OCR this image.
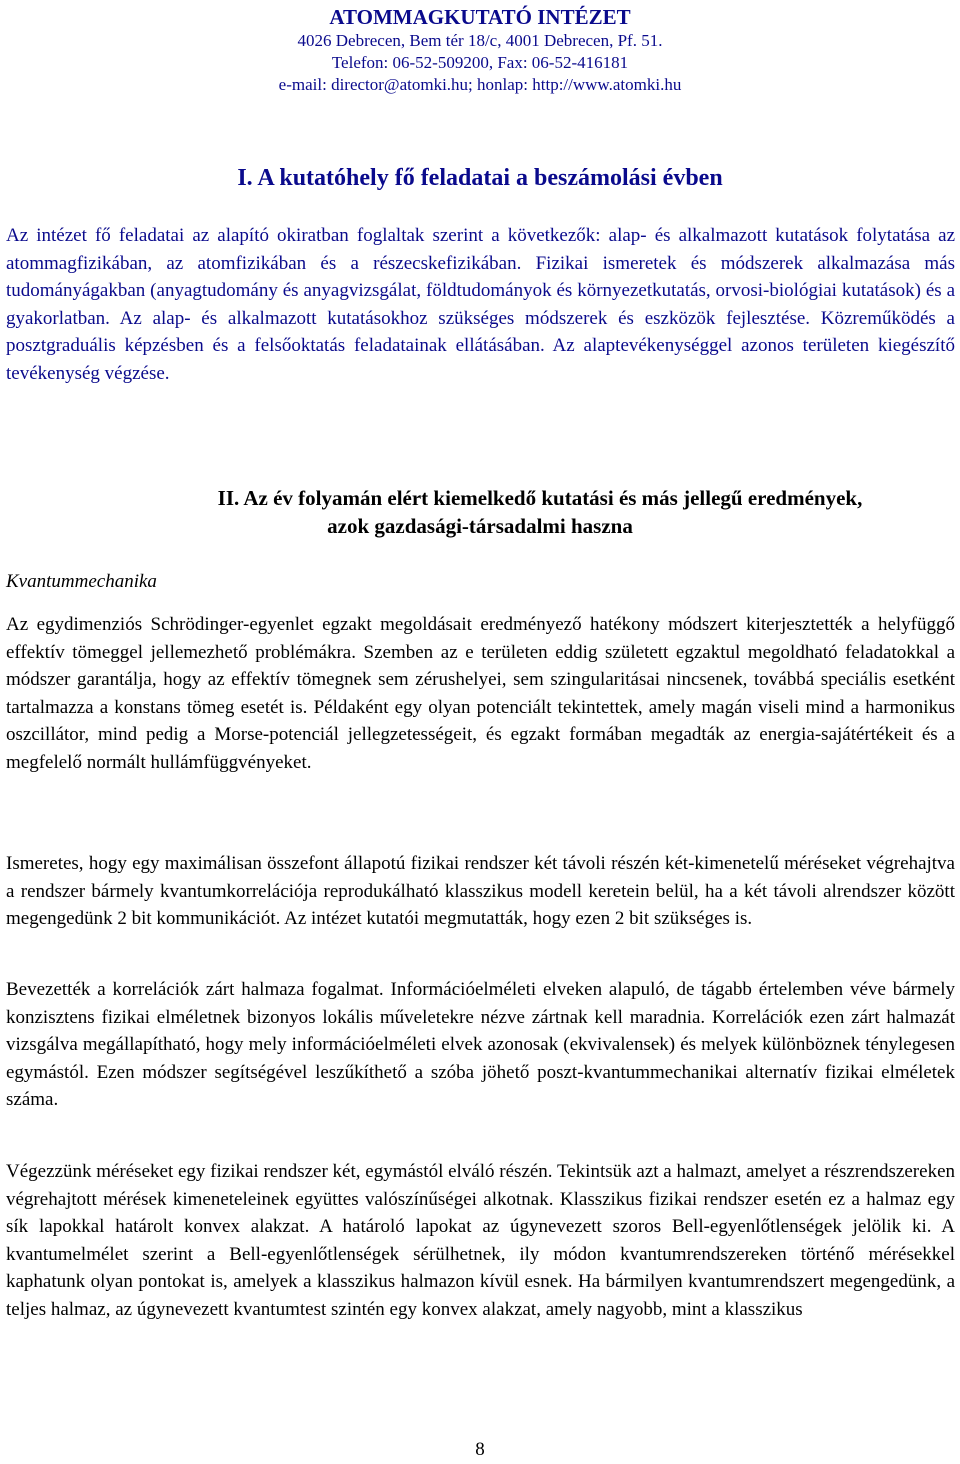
ATOMMAGKUTATÓ INTÉZET
4026 Debrecen, Bem tér 18/c, 4001 Debrecen, Pf. 51.
Telefon: 06-52-509200, Fax: 06-52-416181
e-mail: director@atomki.hu; honlap: http://www.atomki.hu
I. A kutatóhely fő feladatai a beszámolási évben
Az intézet fő feladatai az alapító okiratban foglaltak szerint a következők: alap- és alkalmazott kutatások folytatása az atommagfizikában, az atomfizikában és a részecskefizikában. Fizikai ismeretek és módszerek alkalmazása más tudományágakban (anyagtudomány és anyagvizsgálat, földtudományok és környezetkutatás, orvosi-biológiai kutatások) és a gyakorlatban. Az alap- és alkalmazott kutatásokhoz szükséges módszerek és eszközök fejlesztése. Közreműködés a posztgraduális képzésben és a felsőoktatás feladatainak ellátásában. Az alaptevékenységgel azonos területen kiegészítő tevékenység végzése.
II. Az év folyamán elért kiemelkedő kutatási és más jellegű eredmények,
azok gazdasági-társadalmi haszna
Kvantummechanika
Az egydimenziós Schrödinger-egyenlet egzakt megoldásait eredményező hatékony módszert kiterjesztették a helyfüggő effektív tömeggel jellemezhető problémákra. Szemben az e területen eddig született egzaktul megoldható feladatokkal a módszer garantálja, hogy az effektív tömegnek sem zérushelyei, sem szingularitásai nincsenek, továbbá speciális esetként tartalmazza a konstans tömeg esetét is. Példaként egy olyan potenciált tekintettek, amely magán viseli mind a harmonikus oszcillátor, mind pedig a Morse-potenciál jellegzetességeit, és egzakt formában megadták az energia-sajátértékeit és a megfelelő normált hullámfüggvényeket.
Ismeretes, hogy egy maximálisan összefont állapotú fizikai rendszer két távoli részén két-kimenetelű méréseket végrehajtva a rendszer bármely kvantumkorrelációja reprodukálható klasszikus modell keretein belül, ha a két távoli alrendszer között megengedünk 2 bit kommunikációt. Az intézet kutatói megmutatták, hogy ezen 2 bit szükséges is.
Bevezették a korrelációk zárt halmaza fogalmat. Információelméleti elveken alapuló, de tágabb értelemben véve bármely konzisztens fizikai elméletnek bizonyos lokális műveletekre nézve zártnak kell maradnia. Korrelációk ezen zárt halmazát vizsgálva megállapítható, hogy mely információelméleti elvek azonosak (ekvivalensek) és melyek különböznek ténylegesen egymástól. Ezen módszer segítségével leszűkíthető a szóba jöhető poszt-kvantummechanikai alternatív fizikai elméletek száma.
Végezzünk méréseket egy fizikai rendszer két, egymástól elváló részén. Tekintsük azt a halmazt, amelyet a részrendszereken végrehajtott mérések kimeneteleinek együttes valószínűségei alkotnak. Klasszikus fizikai rendszer esetén ez a halmaz egy sík lapokkal határolt konvex alakzat. A határoló lapokat az úgynevezett szoros Bell-egyenlőtlenségek jelölik ki. A kvantumelmélet szerint a Bell-egyenlőtlenségek sérülhetnek, ily módon kvantumrendszereken történő mérésekkel kaphatunk olyan pontokat is, amelyek a klasszikus halmazon kívül esnek. Ha bármilyen kvantumrendszert megengedünk, a teljes halmaz, az úgynevezett kvantumtest szintén egy konvex alakzat, amely nagyobb, mint a klasszikus
8
